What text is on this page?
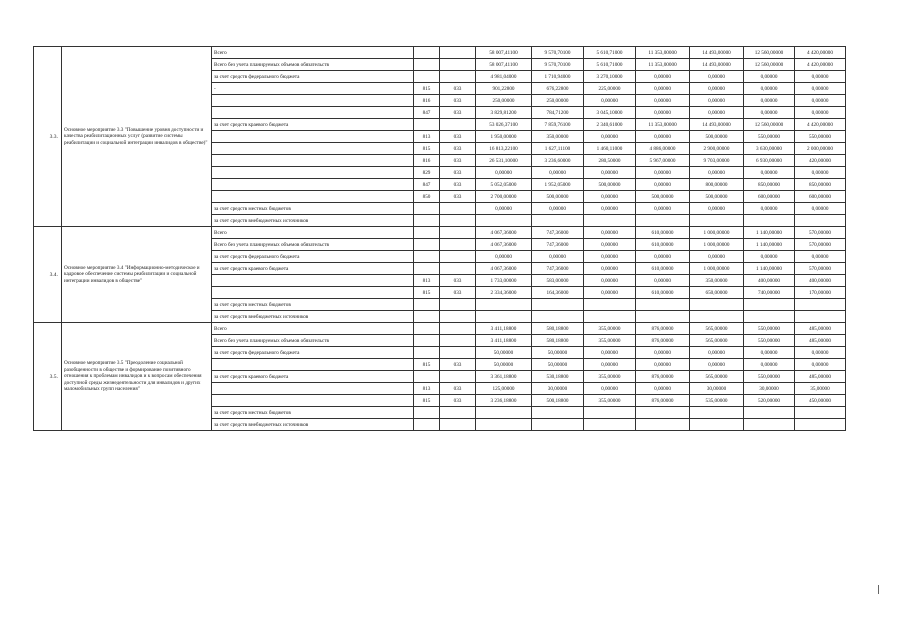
3.3.	Основное мероприятие 3.3 "Повышение уровня доступности и качества реабилитационных услуг (развитие системы реабилитации и социальной интеграции инвалидов в обществе)"	Всего			58 007,41100	9 570,70100	5 610,71000	11 353,00000	14 493,00000	12 560,00000	4 420,00000
		Всего без учета планируемых объемов обязательств			58 007,41100	9 570,70100	5 610,71000	11 353,00000	14 493,00000	12 560,00000	4 420,00000
		за счет средств федерального бюджета			4 981,04000	1 710,94000	3 270,10000	0,00000	0,00000	0,00000	0,00000
		-	815	033	901,22800	676,22800	225,00000	0,00000	0,00000	0,00000	0,00000
			816	033	250,00000	250,00000	0,00000	0,00000	0,00000	0,00000	0,00000
			847	033	3 829,81200	784,71200	3 045,10000	0,00000	0,00000	0,00000	0,00000
		за счет средств краевого бюджета			53 026,37100	7 859,76100	2 340,61000	11 353,00000	14 493,00000	12 560,00000	4 420,00000
			813	033	1 950,00000	350,00000	0,00000	0,00000	500,00000	550,00000	550,00000
			815	033	16 813,22100	1 627,11100	1 460,11000	4 886,00000	2 900,00000	3 630,00000	2 000,00000
			816	033	26 531,10000	3 236,60000	280,50000	5 967,00000	9 703,00000	6 930,00000	420,00000
			829	033	0,00000	0,00000	0,00000	0,00000	0,00000	0,00000	0,00000
			847	033	5 052,05000	1 952,05000	500,00000	0,00000	800,00000	850,00000	850,00000
			850	033	2 700,00000	500,00000	0,00000	500,00000	500,00000	600,00000	600,00000
		за счет средств местных бюджетов			0,00000	0,00000	0,00000	0,00000	0,00000	0,00000	0,00000
		за счет средств внебюджетных источников									
3.4.	Основное мероприятие 3.4 "Информационно-методическое и кадровое обеспечение системы реабилитации и социальной интеграции инвалидов в обществе"	Всего			4 067,36000	747,36000	0,00000	610,00000	1 000,00000	1 140,00000	570,00000
		Всего без учета планируемых объемов обязательств			4 067,36000	747,36000	0,00000	610,00000	1 000,00000	1 140,00000	570,00000
		за счет средств федерального бюджета			0,00000	0,00000	0,00000	0,00000	0,00000	0,00000	0,00000
		за счет средств краевого бюджета			4 067,36000	747,36000	0,00000	610,00000	1 000,00000	1 140,00000	570,00000
			813	033	1 733,00000	583,00000	0,00000	0,00000	350,00000	400,00000	400,00000
			815	033	2 334,36000	164,36000	0,00000	610,00000	650,00000	740,00000	170,00000
		за счет средств местных бюджетов									
		за счет средств внебюджетных источников									
3.5.	Основное мероприятие 3.5 "Преодоление социальной разобщенности в обществе и формирование позитивного отношения к проблемам инвалидов и к вопросам обеспечения доступной среды жизнедеятельности для инвалидов и других маломобильных групп населения"	Всего			3 411,18800	580,18800	355,00000	876,00000	565,00000	550,00000	485,00000
		Всего без учета планируемых объемов обязательств			3 411,18800	580,18800	355,00000	876,00000	565,00000	550,00000	485,00000
		за счет средств федерального бюджета			50,00000	50,00000	0,00000	0,00000	0,00000	0,00000	0,00000
			815	033	50,00000	50,00000	0,00000	0,00000	0,00000	0,00000	0,00000
		за счет средств краевого бюджета			3 361,18800	530,18800	355,00000	876,00000	565,00000	550,00000	485,00000
			813	033	125,00000	30,00000	0,00000	0,00000	30,00000	30,00000	35,00000
			815	033	3 236,18800	500,18800	355,00000	876,00000	535,00000	520,00000	450,00000
		за счет средств местных бюджетов									
		за счет средств внебюджетных источников									
